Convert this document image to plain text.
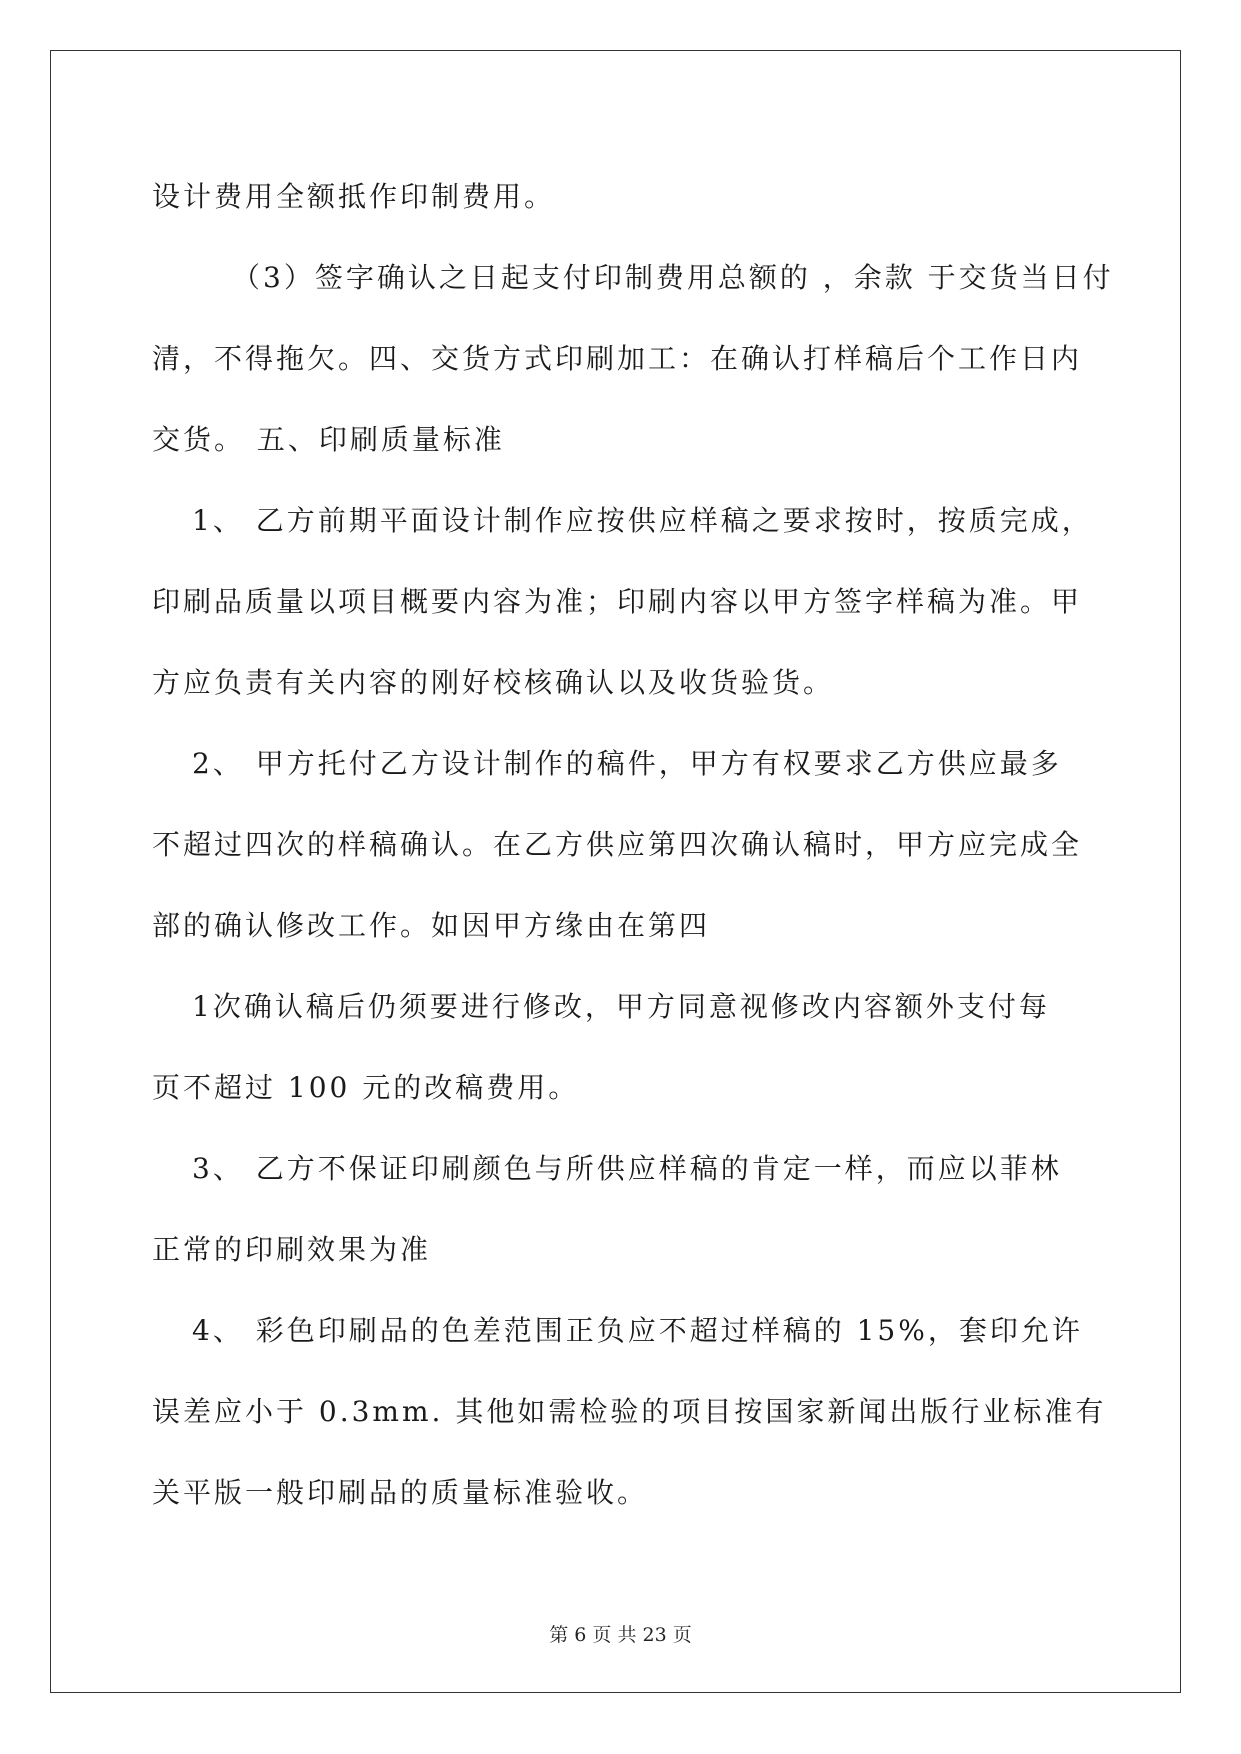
设计费用全额抵作印制费用。
（3）签字确认之日起支付印制费用总额的 ，余款 于交货当日付
清，不得拖欠。四、交货方式印刷加工：在确认打样稿后个工作日内
交货。 五、印刷质量标准
1、 乙方前期平面设计制作应按供应样稿之要求按时，按质完成，
印刷品质量以项目概要内容为准；印刷内容以甲方签字样稿为准。甲
方应负责有关内容的刚好校核确认以及收货验货。
2、 甲方托付乙方设计制作的稿件，甲方有权要求乙方供应最多
不超过四次的样稿确认。在乙方供应第四次确认稿时，甲方应完成全
部的确认修改工作。如因甲方缘由在第四
1次确认稿后仍须要进行修改，甲方同意视修改内容额外支付每
页不超过 100 元的改稿费用。
3、 乙方不保证印刷颜色与所供应样稿的肯定一样，而应以菲林
正常的印刷效果为准
4、 彩色印刷品的色差范围正负应不超过样稿的 15%，套印允许
误差应小于 0.3mm. 其他如需检验的项目按国家新闻出版行业标准有
关平版一般印刷品的质量标准验收。

第 6 页 共 23 页
